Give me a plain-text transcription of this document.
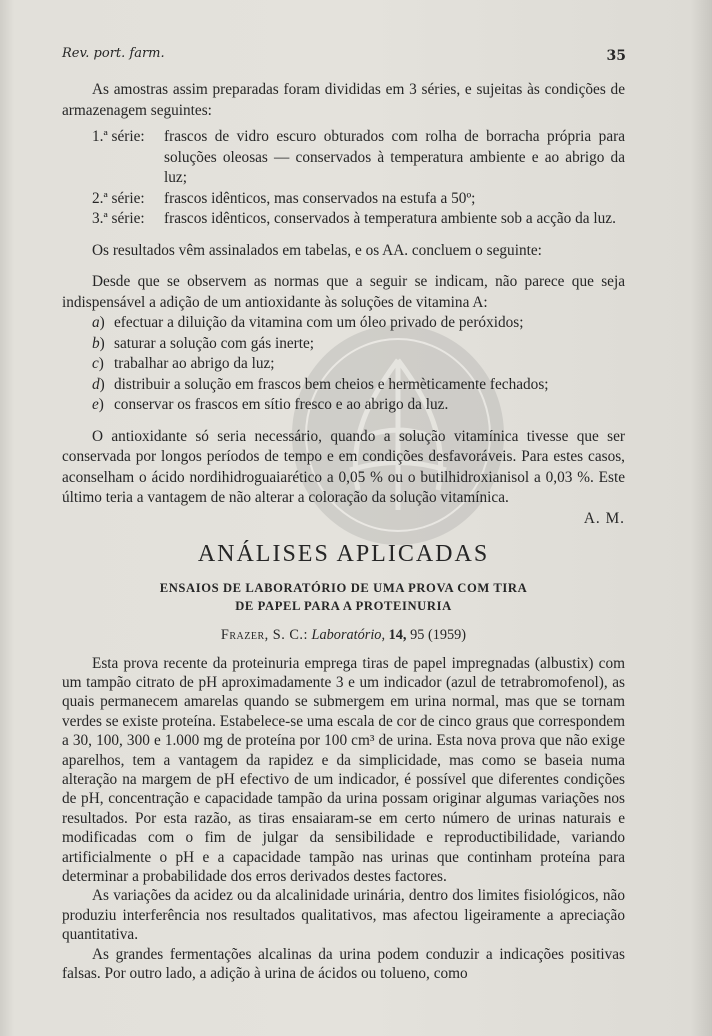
Rev. port. farm.	35

As amostras assim preparadas foram divididas em 3 séries, e sujeitas às condições de armazenagem seguintes:

1.ª série:	frascos de vidro escuro obturados com rolha de borracha própria para soluções oleosas — conservados à temperatura ambiente e ao abrigo da luz;
2.ª série:	frascos idênticos, mas conservados na estufa a 50º;
3.ª série:	frascos idênticos, conservados à temperatura ambiente sob a acção da luz.

Os resultados vêm assinalados em tabelas, e os AA. concluem o seguinte:

Desde que se observem as normas que a seguir se indicam, não parece que seja indispensável a adição de um antioxidante às soluções de vitamina A:

a) efectuar a diluição da vitamina com um óleo privado de peróxidos;
b) saturar a solução com gás inerte;
c) trabalhar ao abrigo da luz;
d) distribuir a solução em frascos bem cheios e hermèticamente fechados;
e) conservar os frascos em sítio fresco e ao abrigo da luz.

O antioxidante só seria necessário, quando a solução vitamínica tivesse que ser conservada por longos períodos de tempo e em condições desfavoráveis. Para estes casos, aconselham o ácido nordihidroguaiarético a 0,05 % ou o butilhidroxianisol a 0,03 %. Este último teria a vantagem de não alterar a coloração da solução vitamínica.

A. M.

ANÁLISES APLICADAS
ENSAIOS DE LABORATÓRIO DE UMA PROVA COM TIRA
DE PAPEL PARA A PROTEINURIA
Frazer, S. C.: Laboratório, 14, 95 (1959)

Esta prova recente da proteinuria emprega tiras de papel impregnadas (albustix) com um tampão citrato de pH aproximadamente 3 e um indicador (azul de tetrabromofenol), as quais permanecem amarelas quando se submergem em urina normal, mas que se tornam verdes se existe proteína. Estabelece-se uma escala de cor de cinco graus que correspondem a 30, 100, 300 e 1.000 mg de proteína por 100 cm³ de urina. Esta nova prova que não exige aparelhos, tem a vantagem da rapidez e da simplicidade, mas como se baseia numa alteração na margem de pH efectivo de um indicador, é possível que diferentes condições de pH, concentração e capacidade tampão da urina possam originar algumas variações nos resultados. Por esta razão, as tiras ensaiaram-se em certo número de urinas naturais e modificadas com o fim de julgar da sensibilidade e reproductibilidade, variando artificialmente o pH e a capacidade tampão nas urinas que continham proteína para determinar a probabilidade dos erros derivados destes factores.

As variações da acidez ou da alcalinidade urinária, dentro dos limites fisiológicos, não produziu interferência nos resultados qualitativos, mas afectou ligeiramente a apreciação quantitativa.

As grandes fermentações alcalinas da urina podem conduzir a indicações positivas falsas. Por outro lado, a adição à urina de ácidos ou tolueno, como
